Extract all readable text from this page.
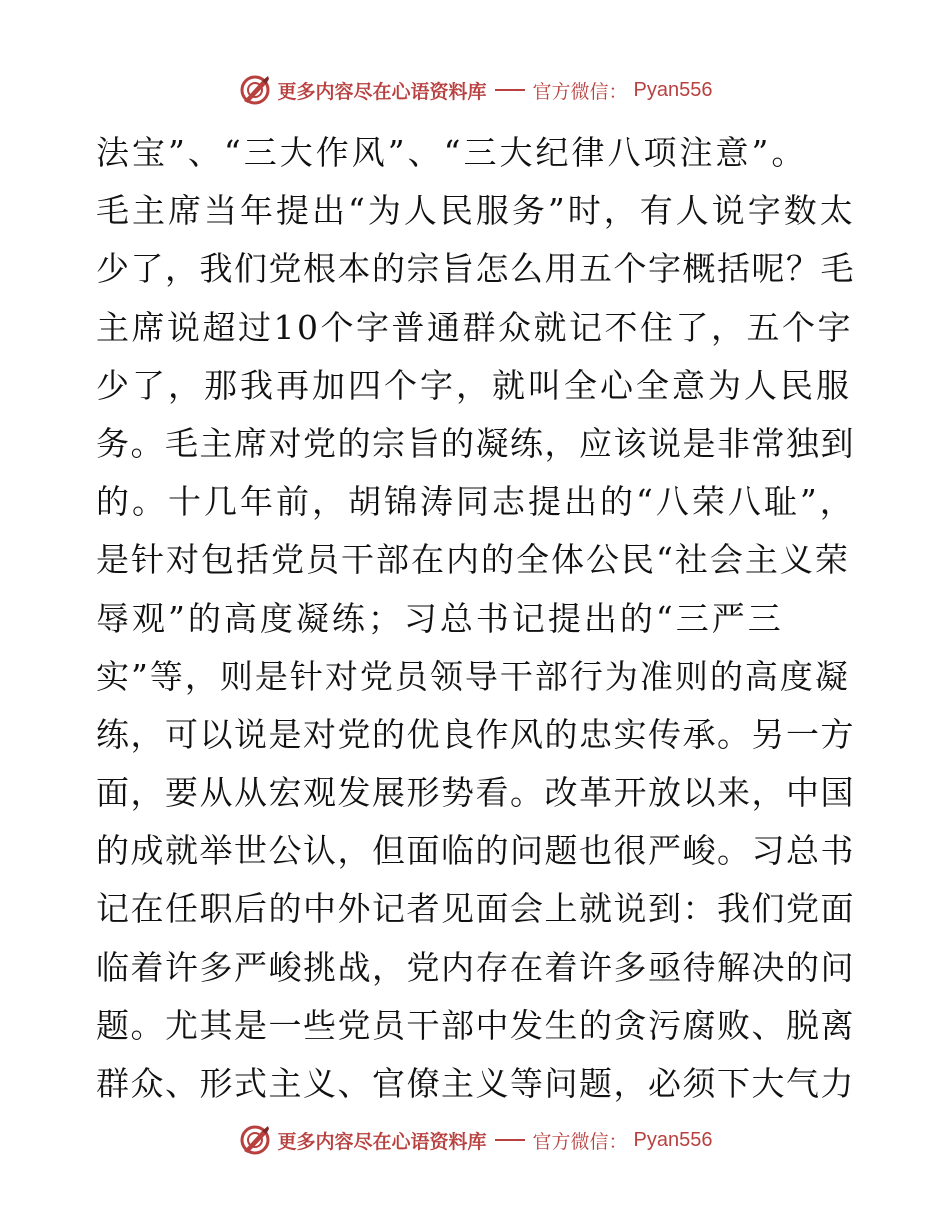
更多内容尽在心语资料库 官方微信： Pyan556
法宝”、“三大作风”、“三大纪律八项注意”。
毛主席当年提出“为人民服务”时，有人说字数太
少了，我们党根本的宗旨怎么用五个字概括呢？毛
主席说超过10个字普通群众就记不住了，五个字
少了，那我再加四个字，就叫全心全意为人民服
务。毛主席对党的宗旨的凝练，应该说是非常独到
的。十几年前，胡锦涛同志提出的“八荣八耻”，
是针对包括党员干部在内的全体公民“社会主义荣
辱观”的高度凝练；习总书记提出的“三严三
实”等，则是针对党员领导干部行为准则的高度凝
练，可以说是对党的优良作风的忠实传承。另一方
面，要从从宏观发展形势看。改革开放以来，中国
的成就举世公认，但面临的问题也很严峻。习总书
记在任职后的中外记者见面会上就说到：我们党面
临着许多严峻挑战，党内存在着许多亟待解决的问
题。尤其是一些党员干部中发生的贪污腐败、脱离
群众、形式主义、官僚主义等问题，必须下大气力
更多内容尽在心语资料库 官方微信： Pyan556
